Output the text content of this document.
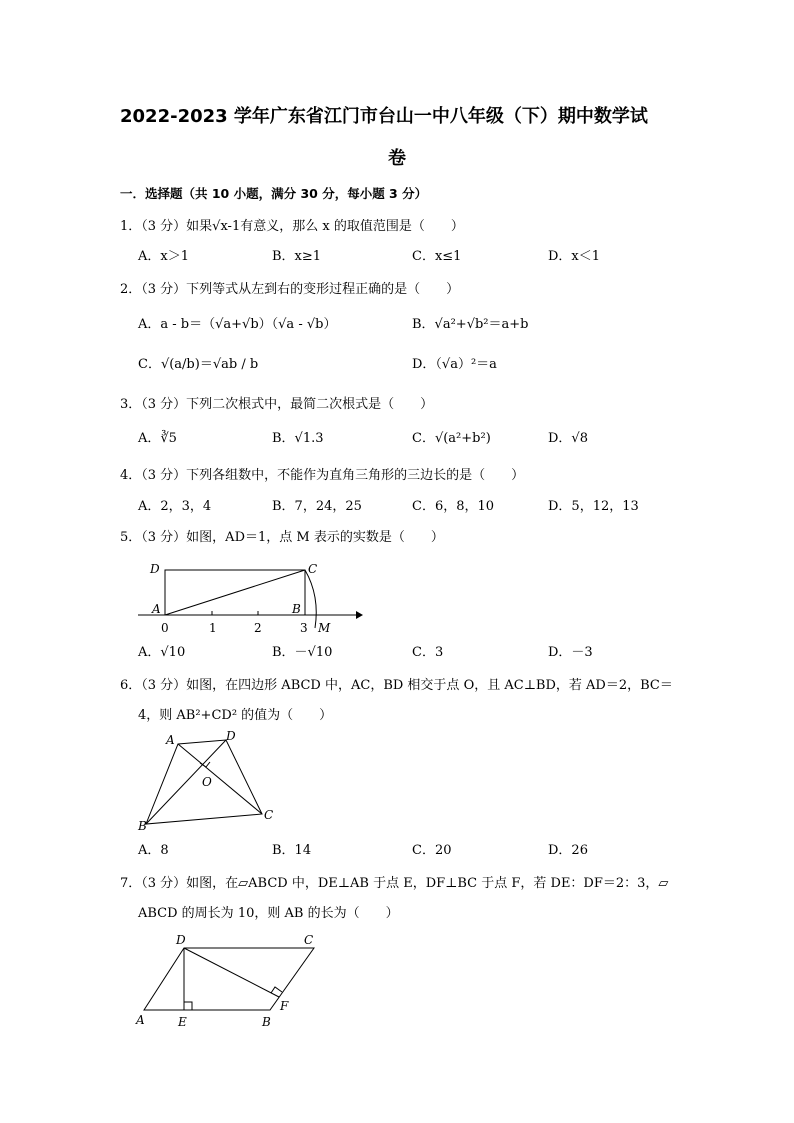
2022-2023 学年广东省江门市台山一中八年级（下）期中数学试
卷
一．选择题（共 10 小题，满分 30 分，每小题 3 分）
1．（3 分）如果√x-1有意义，那么 x 的取值范围是（　　）
A．x＞1	B．x≥1	C．x≤1	D．x＜1
2．（3 分）下列等式从左到右的变形过程正确的是（　　）
A．a - b＝（√a+√b）（√a - √b）	B．√a²+√b²＝a+b
C．√(a/b)＝√ab / b	D．（√a）²＝a
3．（3 分）下列二次根式中，最简二次根式是（　　）
A．∛5	B．√1.3	C．√(a²+b²)	D．√8
4．（3 分）下列各组数中，不能作为直角三角形的三边长的是（　　）
A．2，3，4	B．7，24，25	C．6，8，10	D．5，12，13
5．（3 分）如图，AD＝1，点 M 表示的实数是（　　）
D	C
A	B
0	1	2	3 M
A．√10	B．－√10	C．3	D．－3
6．（3 分）如图，在四边形 ABCD 中，AC，BD 相交于点 O，且 AC⊥BD，若 AD＝2，BC＝
4，则 AB²+CD² 的值为（　　）
A	D
O
B
C
A．8	B．14	C．20	D．26
7．（3 分）如图，在▱ABCD 中，DE⊥AB 于点 E，DF⊥BC 于点 F，若 DE：DF＝2：3，▱
ABCD 的周长为 10，则 AB 的长为（　　）
D	C
A	E	B
F
